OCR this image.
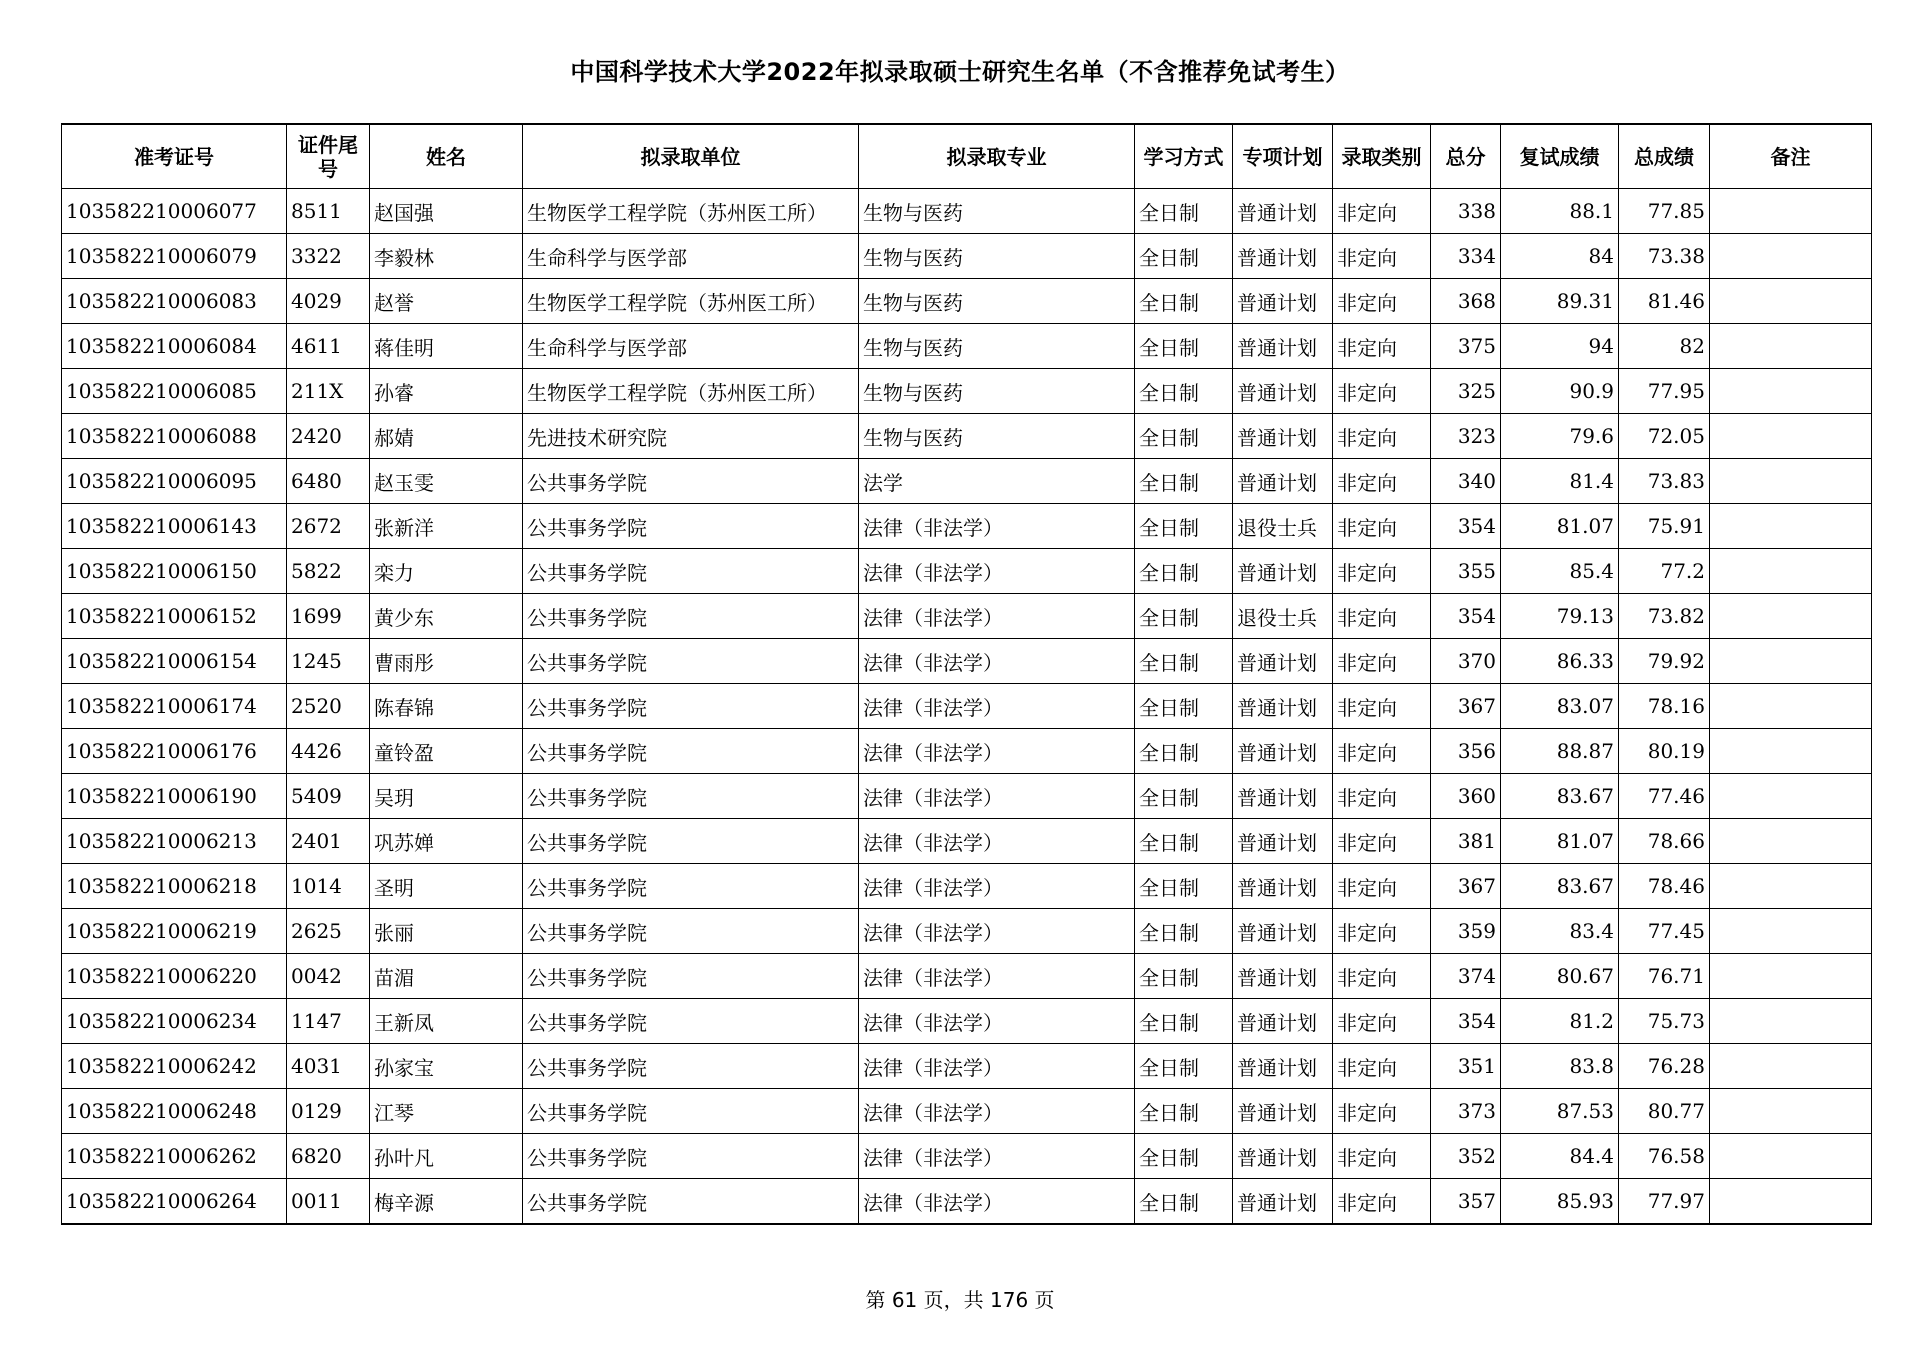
中国科学技术大学2022年拟录取硕士研究生名单（不含推荐免试考生）
准考证号	证件尾号	姓名	拟录取单位	拟录取专业	学习方式	专项计划	录取类别	总分	复试成绩	总成绩	备注
103582210006077	8511	赵国强	生物医学工程学院（苏州医工所）	生物与医药	全日制	普通计划	非定向	338	88.1	77.85	
103582210006079	3322	李毅林	生命科学与医学部	生物与医药	全日制	普通计划	非定向	334	84	73.38	
103582210006083	4029	赵誉	生物医学工程学院（苏州医工所）	生物与医药	全日制	普通计划	非定向	368	89.31	81.46	
103582210006084	4611	蒋佳明	生命科学与医学部	生物与医药	全日制	普通计划	非定向	375	94	82	
103582210006085	211X	孙睿	生物医学工程学院（苏州医工所）	生物与医药	全日制	普通计划	非定向	325	90.9	77.95	
103582210006088	2420	郝婧	先进技术研究院	生物与医药	全日制	普通计划	非定向	323	79.6	72.05	
103582210006095	6480	赵玉雯	公共事务学院	法学	全日制	普通计划	非定向	340	81.4	73.83	
103582210006143	2672	张新洋	公共事务学院	法律（非法学）	全日制	退役士兵	非定向	354	81.07	75.91	
103582210006150	5822	栾力	公共事务学院	法律（非法学）	全日制	普通计划	非定向	355	85.4	77.2	
103582210006152	1699	黄少东	公共事务学院	法律（非法学）	全日制	退役士兵	非定向	354	79.13	73.82	
103582210006154	1245	曹雨彤	公共事务学院	法律（非法学）	全日制	普通计划	非定向	370	86.33	79.92	
103582210006174	2520	陈春锦	公共事务学院	法律（非法学）	全日制	普通计划	非定向	367	83.07	78.16	
103582210006176	4426	童铃盈	公共事务学院	法律（非法学）	全日制	普通计划	非定向	356	88.87	80.19	
103582210006190	5409	吴玥	公共事务学院	法律（非法学）	全日制	普通计划	非定向	360	83.67	77.46	
103582210006213	2401	巩苏婵	公共事务学院	法律（非法学）	全日制	普通计划	非定向	381	81.07	78.66	
103582210006218	1014	圣明	公共事务学院	法律（非法学）	全日制	普通计划	非定向	367	83.67	78.46	
103582210006219	2625	张丽	公共事务学院	法律（非法学）	全日制	普通计划	非定向	359	83.4	77.45	
103582210006220	0042	苗湄	公共事务学院	法律（非法学）	全日制	普通计划	非定向	374	80.67	76.71	
103582210006234	1147	王新凤	公共事务学院	法律（非法学）	全日制	普通计划	非定向	354	81.2	75.73	
103582210006242	4031	孙家宝	公共事务学院	法律（非法学）	全日制	普通计划	非定向	351	83.8	76.28	
103582210006248	0129	江琴	公共事务学院	法律（非法学）	全日制	普通计划	非定向	373	87.53	80.77	
103582210006262	6820	孙叶凡	公共事务学院	法律（非法学）	全日制	普通计划	非定向	352	84.4	76.58	
103582210006264	0011	梅辛源	公共事务学院	法律（非法学）	全日制	普通计划	非定向	357	85.93	77.97	
第 61 页，共 176 页
